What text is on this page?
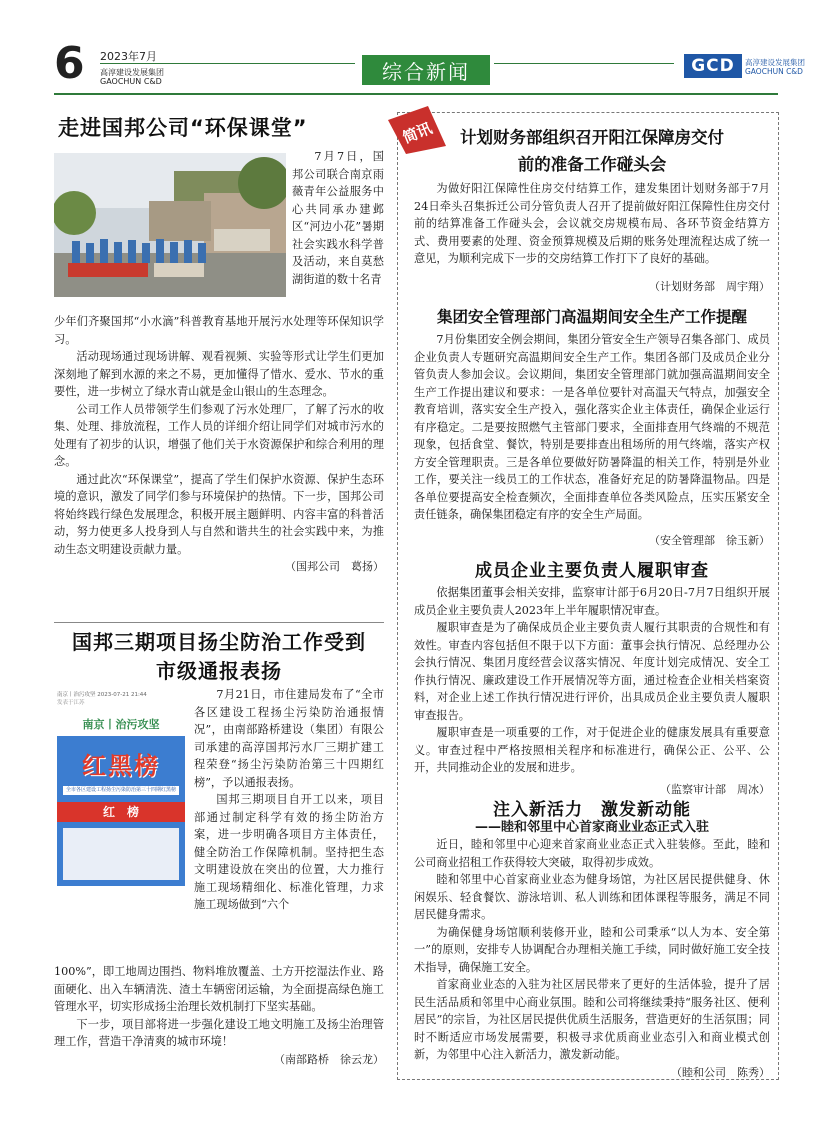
6 2023年7月
高淳建设发展集团
GAOCHUN C&D	综合新闻	GCD	高淳建设发展集团
GAOCHUN C&D
走进国邦公司“环保课堂”
7月7日，国邦公司联合南京雨薇青年公益服务中心共同承办建邺区“河边小花”暑期社会实践水科学普及活动，来自莫愁湖街道的数十名青

少年们齐聚国邦“小水滴”科普教育基地开展污水处理等环保知识学习。

活动现场通过现场讲解、观看视频、实验等形式让学生们更加深刻地了解到水源的来之不易，更加懂得了惜水、爱水、节水的重要性，进一步树立了绿水青山就是金山银山的生态理念。

公司工作人员带领学生们参观了污水处理厂，了解了污水的收集、处理、排放流程，工作人员的详细介绍让同学们对城市污水的处理有了初步的认识，增强了他们关于水资源保护和综合利用的理念。

通过此次“环保课堂”，提高了学生们保护水资源、保护生态环境的意识，激发了同学们参与环境保护的热情。下一步，国邦公司将始终践行绿色发展理念，积极开展主题鲜明、内容丰富的科普活动，努力使更多人投身到人与自然和谐共生的社会实践中来，为推动生态文明建设贡献力量。

（国邦公司　葛扬）

国邦三期项目扬尘防治工作受到
市级通报表扬
南京丨治污攻坚 2023-07-21 21:44
发表于江苏
南京丨治污攻坚
红黑榜
全市各区建设工程扬尘污染防治第三十四期红黑榜
红　榜

7月21日，市住建局发布了“全市各区建设工程扬尘污染防治通报情况”，由南部路桥建设（集团）有限公司承建的高淳国邦污水厂三期扩建工程荣登“扬尘污染防治第三十四期红榜”，予以通报表扬。

国邦三期项目自开工以来，项目部通过制定科学有效的扬尘防治方案，进一步明确各项目方主体责任，健全防治工作保障机制。坚持把生态文明建设放在突出的位置，大力推行施工现场精细化、标准化管理，力求施工现场做到“六个

100%”，即工地周边围挡、物料堆放覆盖、土方开挖湿法作业、路面硬化、出入车辆清洗、渣土车辆密闭运输，为全面提高绿色施工管理水平，切实形成扬尘治理长效机制打下坚实基础。

下一步，项目部将进一步强化建设工地文明施工及扬尘治理管理工作，营造干净清爽的城市环境！

（南部路桥　徐云龙）

简讯	计划财务部组织召开阳江保障房交付
前的准备工作碰头会

为做好阳江保障性住房交付结算工作，建发集团计划财务部于7月24日牵头召集拆迁公司分管负责人召开了提前做好阳江保障性住房交付前的结算准备工作碰头会，会议就交房规模布局、各环节资金结算方式、费用要素的处理、资金预算规模及后期的账务处理流程达成了统一意见，为顺利完成下一步的交房结算工作打下了良好的基础。

（计划财务部　周宇翔）

集团安全管理部门高温期间安全生产工作提醒

7月份集团安全例会期间，集团分管安全生产领导召集各部门、成员企业负责人专题研究高温期间安全生产工作。集团各部门及成员企业分管负责人参加会议。会议期间，集团安全管理部门就加强高温期间安全生产工作提出建议和要求：一是各单位要针对高温天气特点，加强安全教育培训，落实安全生产投入，强化落实企业主体责任，确保企业运行有序稳定。二是要按照燃气主管部门要求，全面排查用气终端的不规范现象，包括食堂、餐饮，特别是要排查出租场所的用气终端，落实产权方安全管理职责。三是各单位要做好防暑降温的相关工作，特别是外业工作，要关注一线员工的工作状态，准备好充足的防暑降温物品。四是各单位要提高安全检查频次，全面排查单位各类风险点，压实压紧安全责任链条，确保集团稳定有序的安全生产局面。

（安全管理部　徐玉新）

成员企业主要负责人履职审查

依据集团董事会相关安排，监察审计部于6月20日-7月7日组织开展成员企业主要负责人2023年上半年履职情况审查。

履职审查是为了确保成员企业主要负责人履行其职责的合规性和有效性。审查内容包括但不限于以下方面：董事会执行情况、总经理办公会执行情况、集团月度经营会议落实情况、年度计划完成情况、安全工作执行情况、廉政建设工作开展情况等方面，通过检查企业相关档案资料，对企业上述工作执行情况进行评价，出具成员企业主要负责人履职审查报告。

履职审查是一项重要的工作，对于促进企业的健康发展具有重要意义。审查过程中严格按照相关程序和标准进行，确保公正、公平、公开，共同推动企业的发展和进步。

（监察审计部　周冰）

注入新活力　激发新动能
——睦和邻里中心首家商业业态正式入驻

近日，睦和邻里中心迎来首家商业业态正式入驻装修。至此，睦和公司商业招租工作获得较大突破，取得初步成效。

睦和邻里中心首家商业业态为健身场馆，为社区居民提供健身、休闲娱乐、轻食餐饮、游泳培训、私人训练和团体课程等服务，满足不同居民健身需求。

为确保健身场馆顺利装修开业，睦和公司秉承“以人为本、安全第一”的原则，安排专人协调配合办理相关施工手续，同时做好施工安全技术指导，确保施工安全。

首家商业业态的入驻为社区居民带来了更好的生活体验，提升了居民生活品质和邻里中心商业氛围。睦和公司将继续秉持“服务社区、便利居民”的宗旨，为社区居民提供优质生活服务，营造更好的生活氛围；同时不断适应市场发展需要，积极寻求优质商业业态引入和商业模式创新，为邻里中心注入新活力，激发新动能。

（睦和公司　陈秀）
